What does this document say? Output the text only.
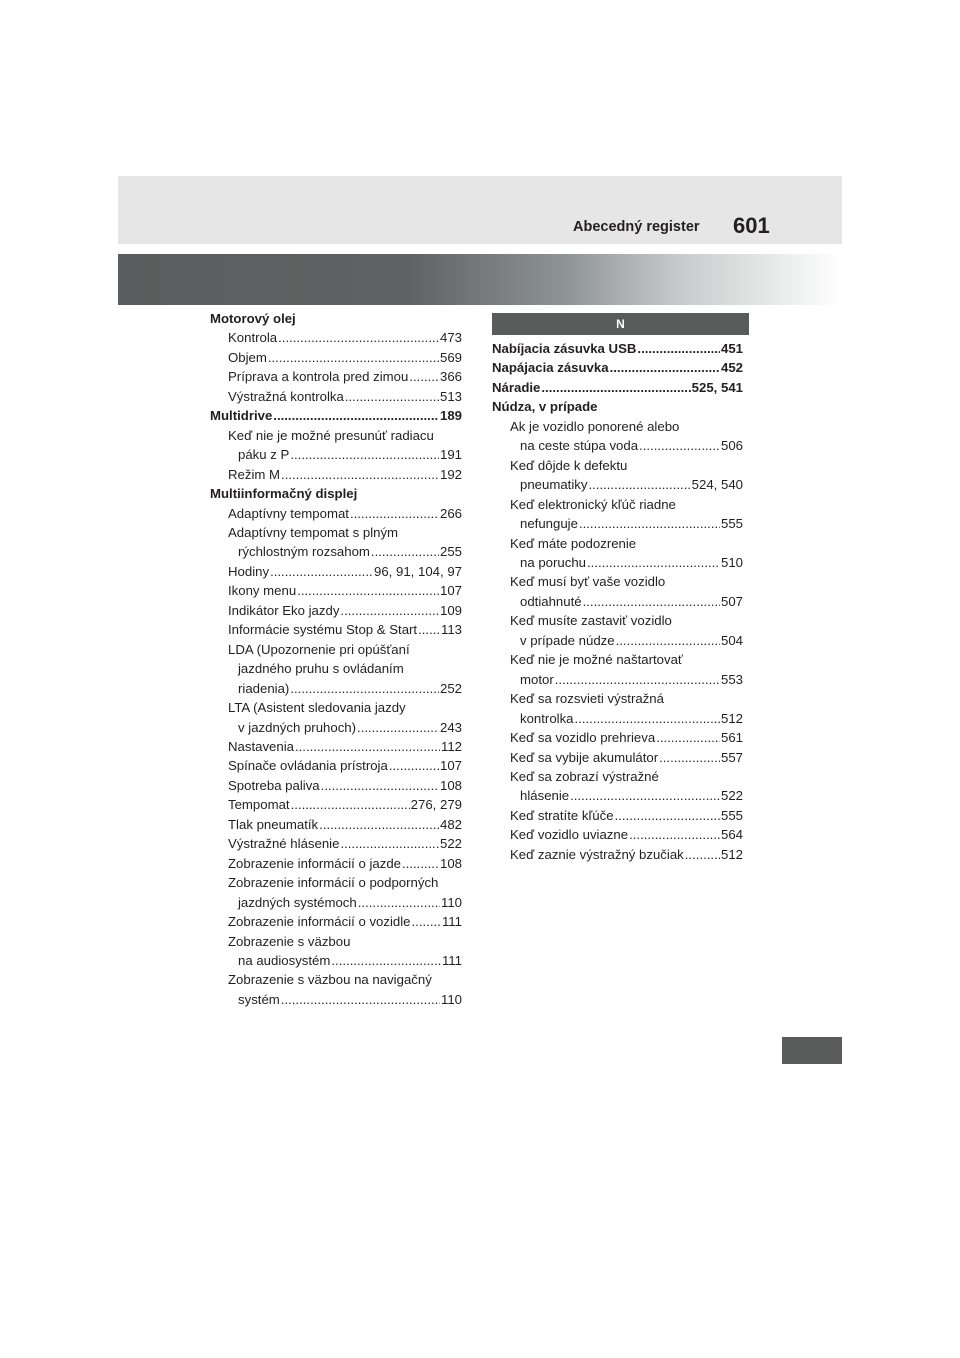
Abecedný register 601
Motorový olej
Kontrola .....	473
Objem .....	569
Príprava a kontrola pred zimou ..... 366
Výstražná kontrolka .....	513
Multidrive .....	189
Keď nie je možné presunúť radiacu
páku z P .....	191
Režim M .....	192
Multiinformačný displej
Adaptívny tempomat .....	266
Adaptívny tempomat s plným
rýchlostným rozsahom .....	255
Hodiny .....	96, 91, 104, 97
Ikony menu .....	107
Indikátor Eko jazdy .....	109
Informácie systému Stop & Start ..... 113
LDA (Upozornenie pri opúšťaní
jazdného pruhu s ovládaním
riadenia) .....	252
LTA (Asistent sledovania jazdy
v jazdných pruhoch) .....	243
Nastavenia .....	112
Spínače ovládania prístroja .....	107
Spotreba paliva .....	108
Tempomat .....	276, 279
Tlak pneumatík .....	482
Výstražné hlásenie .....	522
Zobrazenie informácií o jazde .....	108
Zobrazenie informácií o podporných
jazdných systémoch .....	110
Zobrazenie informácií o vozidle ..... 111
Zobrazenie s väzbou
na audiosystém .....	111
Zobrazenie s väzbou na navigačný
systém .....	110
N
Nabíjacia zásuvka USB .....	451
Napájacia zásuvka .....	452
Náradie .....	525, 541
Núdza, v prípade
Ak je vozidlo ponorené alebo
na ceste stúpa voda .....	506
Keď dôjde k defektu
pneumatiky .....	524, 540
Keď elektronický kľúč riadne
nefunguje .....	555
Keď máte podozrenie
na poruchu .....	510
Keď musí byť vaše vozidlo
odtiahnuté .....	507
Keď musíte zastaviť vozidlo
v prípade núdze .....	504
Keď nie je možné naštartovať
motor .....	553
Keď sa rozsvieti výstražná
kontrolka .....	512
Keď sa vozidlo prehrieva .....	561
Keď sa vybije akumulátor .....	557
Keď sa zobrazí výstražné
hlásenie .....	522
Keď stratíte kľúče .....	555
Keď vozidlo uviazne .....	564
Keď zaznie výstražný bzučiak .....	512
